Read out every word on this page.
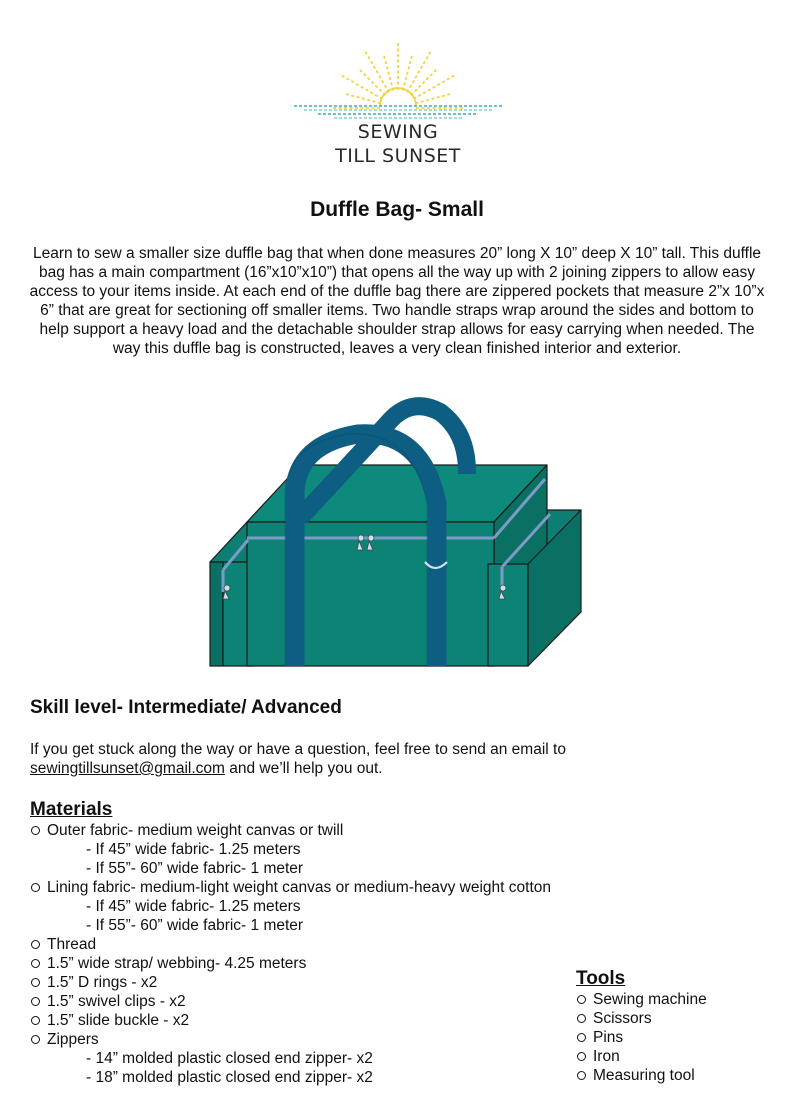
SEWING
TILL SUNSET
Duffle Bag- Small

Learn to sew a smaller size duffle bag that when done measures 20” long X 10” deep X 10” tall. This duffle bag has a main compartment (16”x10”x10”) that opens all the way up with 2 joining zippers to allow easy access to your items inside. At each end of the duffle bag there are zippered pockets that measure 2”x 10”x 6” that are great for sectioning off smaller items. Two handle straps wrap around the sides and bottom to help support a heavy load and the detachable shoulder strap allows for easy carrying when needed. The way this duffle bag is constructed, leaves a very clean finished interior and exterior.

Skill level- Intermediate/ Advanced

If you get stuck along the way or have a question, feel free to send an email to
sewingtillsunset@gmail.com and we’ll help you out.

Materials
Outer fabric- medium weight canvas or twill
- If 45” wide fabric- 1.25 meters
- If 55”- 60” wide fabric- 1 meter
Lining fabric- medium-light weight canvas or medium-heavy weight cotton
- If 45” wide fabric- 1.25 meters
- If 55”- 60” wide fabric- 1 meter
Thread
1.5” wide strap/ webbing- 4.25 meters
1.5” D rings - x2
1.5” swivel clips - x2
1.5” slide buckle - x2
Zippers
- 14” molded plastic closed end zipper- x2
- 18” molded plastic closed end zipper- x2
Tools
Sewing machine
Scissors
Pins
Iron
Measuring tool
